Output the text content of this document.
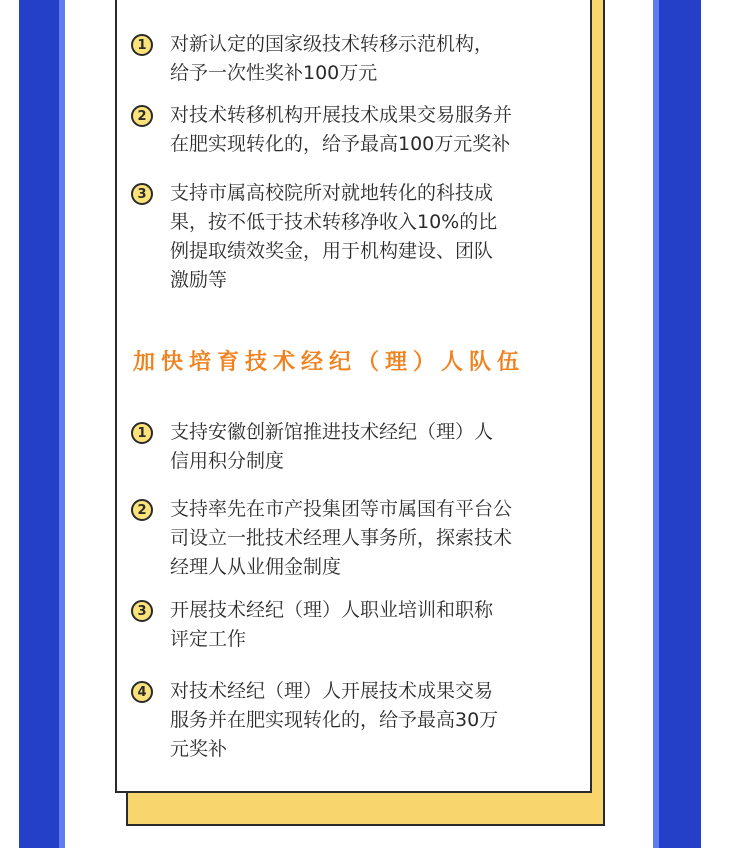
1	对新认定的国家级技术转移示范机构，
给予一次性奖补100万元
2	对技术转移机构开展技术成果交易服务并
在肥实现转化的，给予最高100万元奖补
3	支持市属高校院所对就地转化的科技成
果，按不低于技术转移净收入10%的比
例提取绩效奖金，用于机构建设、团队
激励等
加快培育技术经纪（理）人队伍
1	支持安徽创新馆推进技术经纪（理）人
信用积分制度
2	支持率先在市产投集团等市属国有平台公
司设立一批技术经理人事务所，探索技术
经理人从业佣金制度
3	开展技术经纪（理）人职业培训和职称
评定工作
4	对技术经纪（理）人开展技术成果交易
服务并在肥实现转化的，给予最高30万
元奖补
